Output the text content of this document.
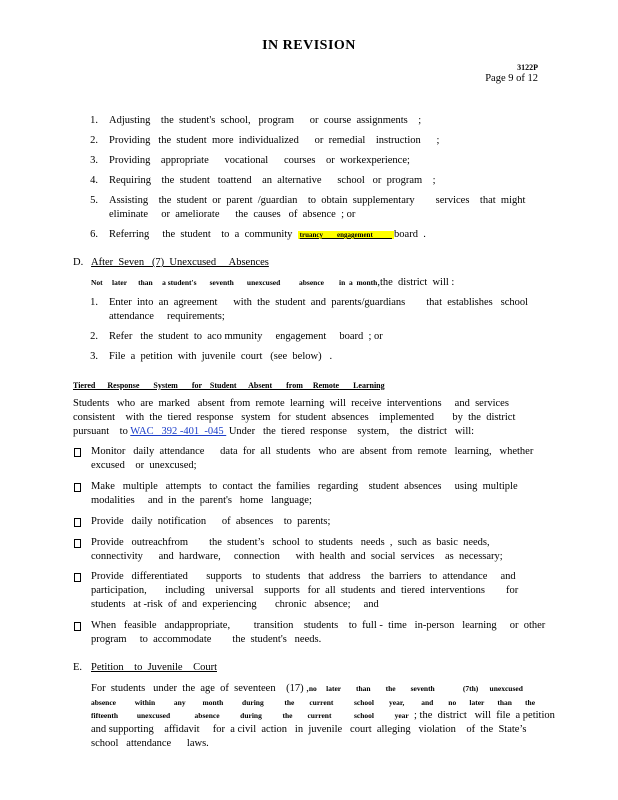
IN REVISION
3122P
Page 9 of 12
1. Adjusting    the  student's  school,   program      or  course  assignments    ;
2. Providing   the  student  more  individualized      or  remedial    instruction      ;
3. Providing    appropriate      vocational      courses    or  workexperience;
4. Requiring    the  student   toattend    an  alternative      school   or  program    ;
5. Assisting    the  student  or  parent  /guardian    to  obtain  supplementary        services    that  might
eliminate     or  ameliorate      the  causes   of  absence  ; or
6. Referring     the  student    to  a  community  truancy        engagement           board  .
D. After  Seven   (7)  Unexcused     Absences
Not     later      than     a student's       seventh       unexcused          absence        in  a  month,the  district  will :
1. Enter  into  an  agreement      with  the  student  and  parents/guardians        that  establishes   school
attendance     requirements;
2. Refer   the  student  to  aco mmunity     engagement     board  ; or
3. File  a  petition  with  juvenile  court   (see  below)   .
Tiered      Response       System       for    Student      Absent       from     Remote       Learning
Students   who  are  marked   absent  from  remote  learning  will  receive  interventions     and  services
consistent    with  the  tiered  response   system   for  student  absences    implemented       by  the  district
pursuant    to WAC   392 -401  -045  Under   the  tiered  response    system,    the  district   will:
Monitor   daily  attendance      data  for  all  students   who  are  absent  from  remote   learning,   whether
excused    or  unexcused;
Make   multiple   attempts   to  contact  the  families   regarding    student  absences     using  multiple
modalities     and  in  the  parent's   home   language;
Provide   daily  notification      of  absences    to  parents;
Provide   outreachfrom        the  student’s   school  to  students   needs  ,  such  as  basic  needs,
connectivity      and  hardware,     connection      with  health  and  social  services    as  necessary;
Provide   differentiated       supports    to  students   that  address    the  barriers   to  attendance     and
participation,       including    universal    supports   for  all  students  and  tiered  interventions        for
students   at -risk  of  and  experiencing       chronic   absence;     and
When   feasible   andappropriate,         transition    students    to  full -  time   in-person   learning     or  other
program     to  accommodate        the  student's   needs.
E. Petition    to  Juvenile    Court
For  students   under  the  age  of  seventeen    (17) ,no     later        than        the        seventh               (7th)      unexcused
absence          within          any         month          during           the        current           school        year,         and        no       later       than       the
fifteenth          unexcused             absence           during           the        current            school           year  ; the  district   will  file  a petition
and supporting    affidavit     for  a civil  action   in  juvenile   court  alleging   violation    of  the  State’s
school   attendance      laws.
